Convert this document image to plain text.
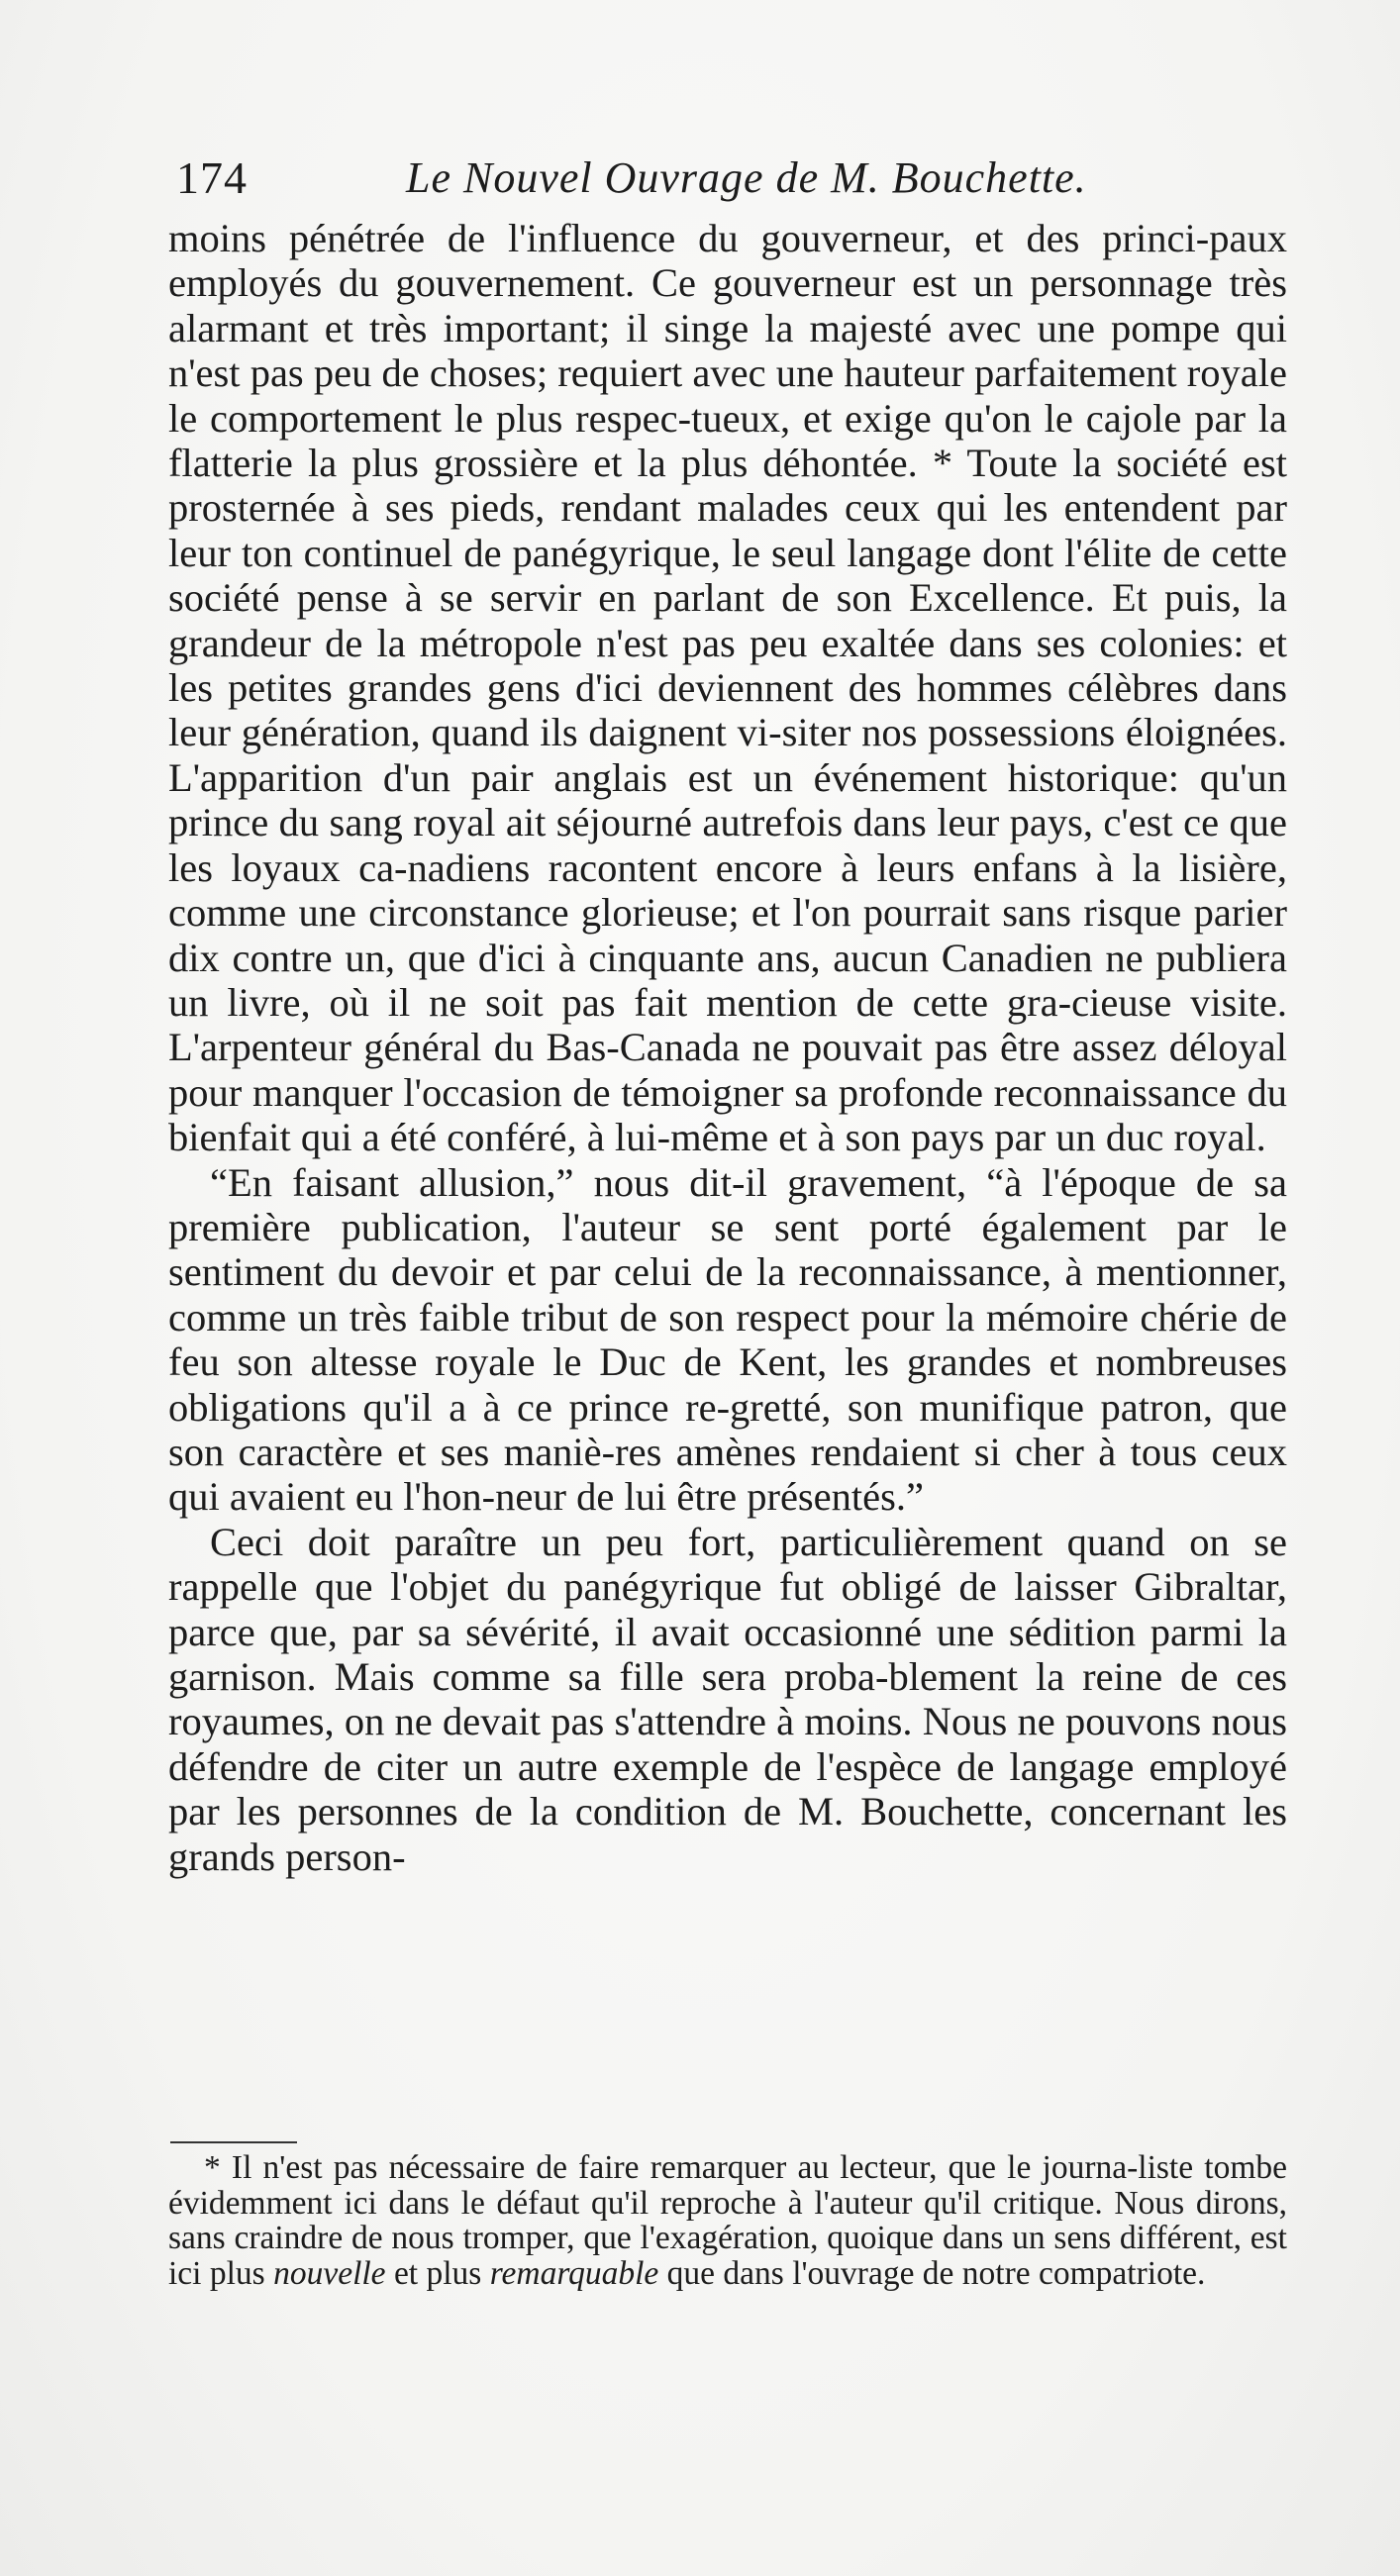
174	Le Nouvel Ouvrage de M. Bouchette.

moins pénétrée de l'influence du gouverneur, et des princi-paux employés du gouvernement. Ce gouverneur est un personnage très alarmant et très important; il singe la majesté avec une pompe qui n'est pas peu de choses; requiert avec une hauteur parfaitement royale le comportement le plus respec-tueux, et exige qu'on le cajole par la flatterie la plus grossière et la plus déhontée. * Toute la société est prosternée à ses pieds, rendant malades ceux qui les entendent par leur ton continuel de panégyrique, le seul langage dont l'élite de cette société pense à se servir en parlant de son Excellence. Et puis, la grandeur de la métropole n'est pas peu exaltée dans ses colonies: et les petites grandes gens d'ici deviennent des hommes célèbres dans leur génération, quand ils daignent vi-siter nos possessions éloignées. L'apparition d'un pair anglais est un événement historique: qu'un prince du sang royal ait séjourné autrefois dans leur pays, c'est ce que les loyaux ca-nadiens racontent encore à leurs enfans à la lisière, comme une circonstance glorieuse; et l'on pourrait sans risque parier dix contre un, que d'ici à cinquante ans, aucun Canadien ne publiera un livre, où il ne soit pas fait mention de cette gra-cieuse visite. L'arpenteur général du Bas-Canada ne pouvait pas être assez déloyal pour manquer l'occasion de témoigner sa profonde reconnaissance du bienfait qui a été conféré, à lui-même et à son pays par un duc royal.

“En faisant allusion,” nous dit-il gravement, “à l'époque de sa première publication, l'auteur se sent porté également par le sentiment du devoir et par celui de la reconnaissance, à mentionner, comme un très faible tribut de son respect pour la mémoire chérie de feu son altesse royale le Duc de Kent, les grandes et nombreuses obligations qu'il a à ce prince re-gretté, son munifique patron, que son caractère et ses maniè-res amènes rendaient si cher à tous ceux qui avaient eu l'hon-neur de lui être présentés.”

Ceci doit paraître un peu fort, particulièrement quand on se rappelle que l'objet du panégyrique fut obligé de laisser Gibraltar, parce que, par sa sévérité, il avait occasionné une sédition parmi la garnison. Mais comme sa fille sera proba-blement la reine de ces royaumes, on ne devait pas s'attendre à moins. Nous ne pouvons nous défendre de citer un autre exemple de l'espèce de langage employé par les personnes de la condition de M. Bouchette, concernant les grands person-

* Il n'est pas nécessaire de faire remarquer au lecteur, que le journa-liste tombe évidemment ici dans le défaut qu'il reproche à l'auteur qu'il critique. Nous dirons, sans craindre de nous tromper, que l'exagération, quoique dans un sens différent, est ici plus nouvelle et plus remarquable que dans l'ouvrage de notre compatriote.
